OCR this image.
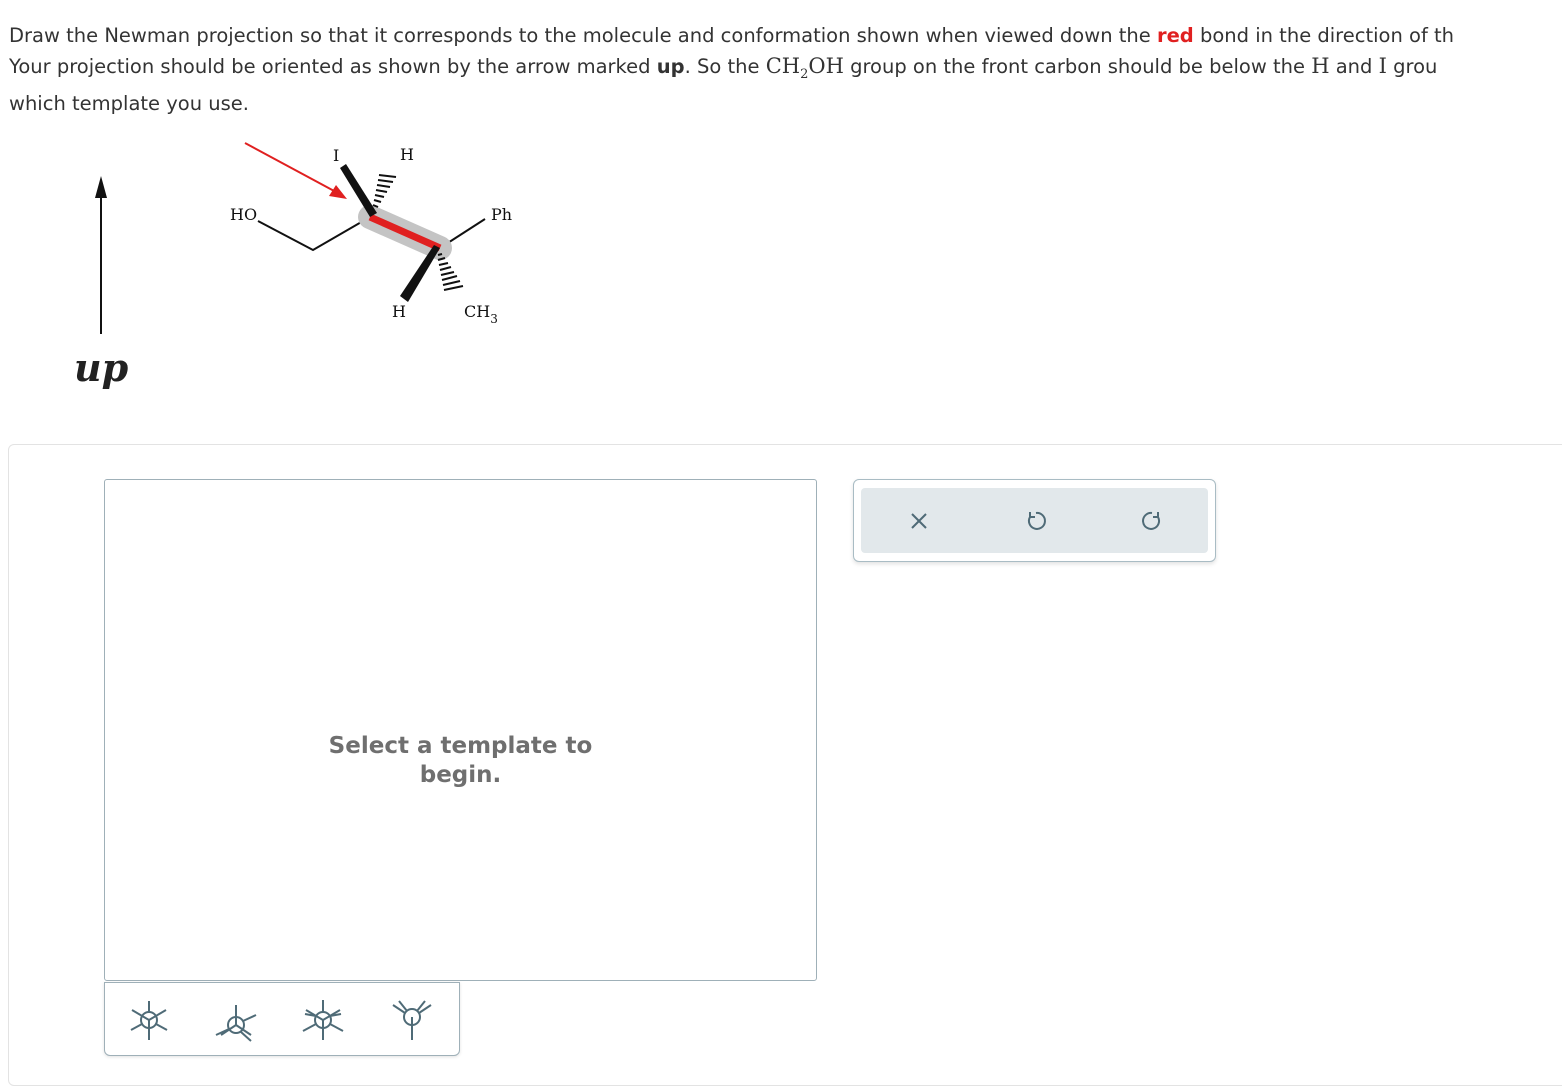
Draw the Newman projection so that it corresponds to the molecule and conformation shown when viewed down the red bond in the direction of th
Your projection should be oriented as shown by the arrow marked up. So the $CH_2OH$ group on the front carbon should be below the H and I grou
which template you use.
up
HO
I	H
Ph
H	$CH_3$
Select a template to
begin.
